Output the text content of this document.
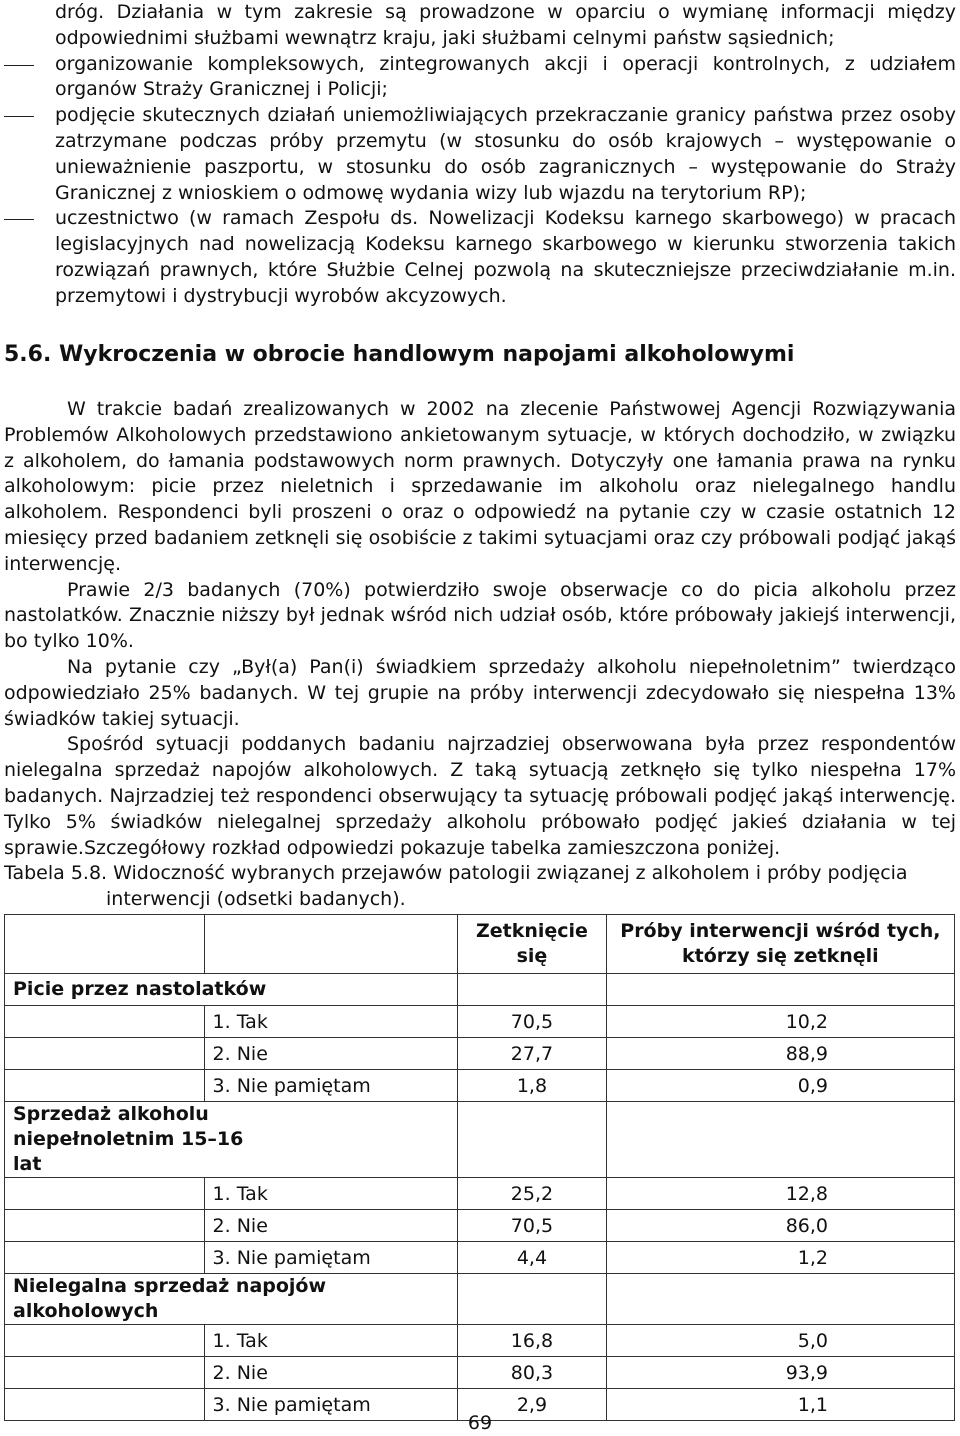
dróg. Działania w tym zakresie są prowadzone w oparciu o wymianę informacji między odpowiednimi służbami wewnątrz kraju, jaki służbami celnymi państw sąsiednich;

organizowanie kompleksowych, zintegrowanych akcji i operacji kontrolnych, z udziałem organów Straży Granicznej i Policji;
podjęcie skutecznych działań uniemożliwiających przekraczanie granicy państwa przez osoby zatrzymane podczas próby przemytu (w stosunku do osób krajowych – występowanie o unieważnienie paszportu, w stosunku do osób zagranicznych – występowanie do Straży Granicznej z wnioskiem o odmowę wydania wizy lub wjazdu na terytorium RP);
uczestnictwo (w ramach Zespołu ds. Nowelizacji Kodeksu karnego skarbowego) w pracach legislacyjnych nad nowelizacją Kodeksu karnego skarbowego w kierunku stworzenia takich rozwiązań prawnych, które Służbie Celnej pozwolą na skuteczniejsze przeciwdziałanie m.in. przemytowi i dystrybucji wyrobów akcyzowych.
5.6. Wykroczenia w obrocie handlowym napojami alkoholowymi

W trakcie badań zrealizowanych w 2002 na zlecenie Państwowej Agencji Rozwiązywania Problemów Alkoholowych przedstawiono ankietowanym sytuacje, w których dochodziło, w związku z alkoholem, do łamania podstawowych norm prawnych. Dotyczyły one łamania prawa na rynku alkoholowym: picie przez nieletnich i sprzedawanie im alkoholu oraz nielegalnego handlu alkoholem. Respondenci byli proszeni o oraz o odpowiedź na pytanie czy w czasie ostatnich 12 miesięcy przed badaniem zetknęli się osobiście z takimi sytuacjami oraz czy próbowali podjąć jakąś interwencję.

Prawie 2/3 badanych (70%) potwierdziło swoje obserwacje co do picia alkoholu przez nastolatków. Znacznie niższy był jednak wśród nich udział osób, które próbowały jakiejś interwencji, bo tylko 10%.

Na pytanie czy „Był(a) Pan(i) świadkiem sprzedaży alkoholu niepełnoletnim” twierdząco odpowiedziało 25% badanych. W tej grupie na próby interwencji zdecydowało się niespełna 13% świadków takiej sytuacji.

Spośród sytuacji poddanych badaniu najrzadziej obserwowana była przez respondentów nielegalna sprzedaż napojów alkoholowych. Z taką sytuacją zetknęło się tylko niespełna 17% badanych. Najrzadziej też respondenci obserwujący ta sytuację próbowali podjęć jakąś interwencję. Tylko 5% świadków nielegalnej sprzedaży alkoholu próbowało podjęć jakieś działania w tej sprawie.Szczegółowy rozkład odpowiedzi pokazuje tabelka zamieszczona poniżej.

Tabela 5.8. Widoczność wybranych przejawów patologii związanej z alkoholem i próby podjęcia
interwencji (odsetki badanych).
		Zetknięcie się	Próby interwencji wśród tych, którzy się zetknęli
Picie przez nastolatków			
	1. Tak	70,5	10,2
	2. Nie	27,7	88,9
	3. Nie pamiętam	1,8	0,9
Sprzedaż alkoholu niepełnoletnim 15–16 lat			
	1. Tak	25,2	12,8
	2. Nie	70,5	86,0
	3. Nie pamiętam	4,4	1,2
Nielegalna sprzedaż napojów alkoholowych			
	1. Tak	16,8	5,0
	2. Nie	80,3	93,9
	3. Nie pamiętam	2,9	1,1
69
